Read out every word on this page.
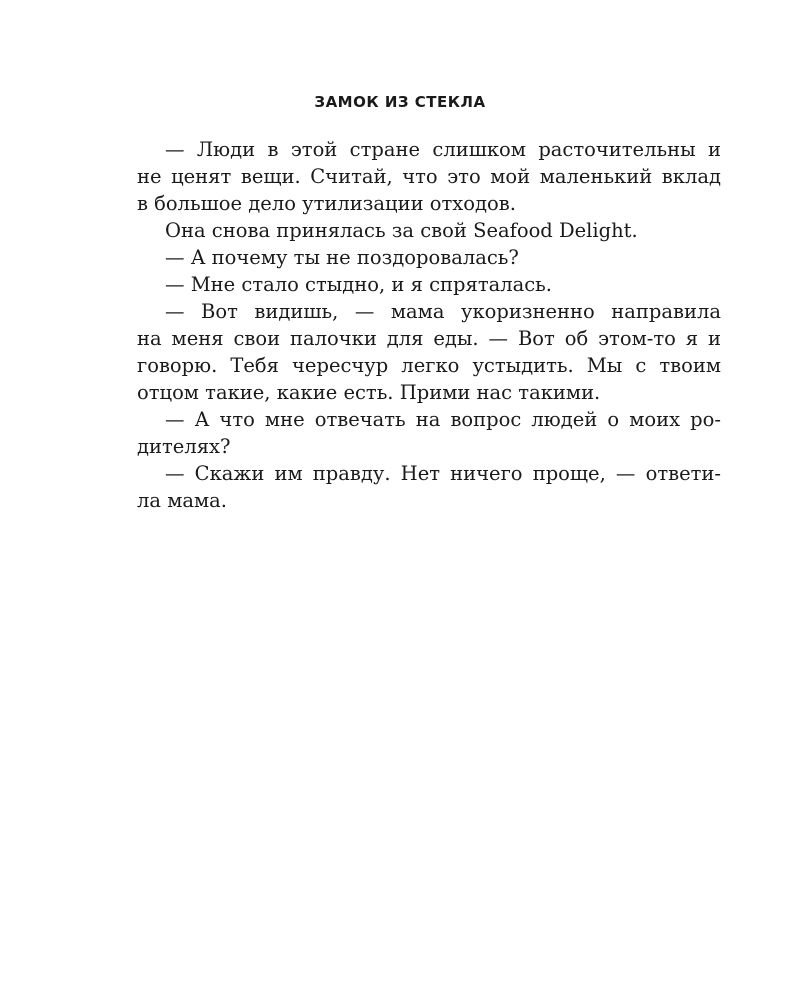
ЗАМОК ИЗ СТЕКЛА
— Люди в этой стране слишком расточительны и
не ценят вещи. Считай, что это мой маленький вклад
в большое дело утилизации отходов.
Она снова принялась за свой Seafood Delight.
— А почему ты не поздоровалась?
— Мне стало стыдно, и я спряталась.
— Вот видишь, — мама укоризненно направила
на меня свои палочки для еды. — Вот об этом-то я и
говорю. Тебя чересчур легко устыдить. Мы с твоим
отцом такие, какие есть. Прими нас такими.
— А что мне отвечать на вопрос людей о моих ро-
дителях?
— Скажи им правду. Нет ничего проще, — ответи-
ла мама.
